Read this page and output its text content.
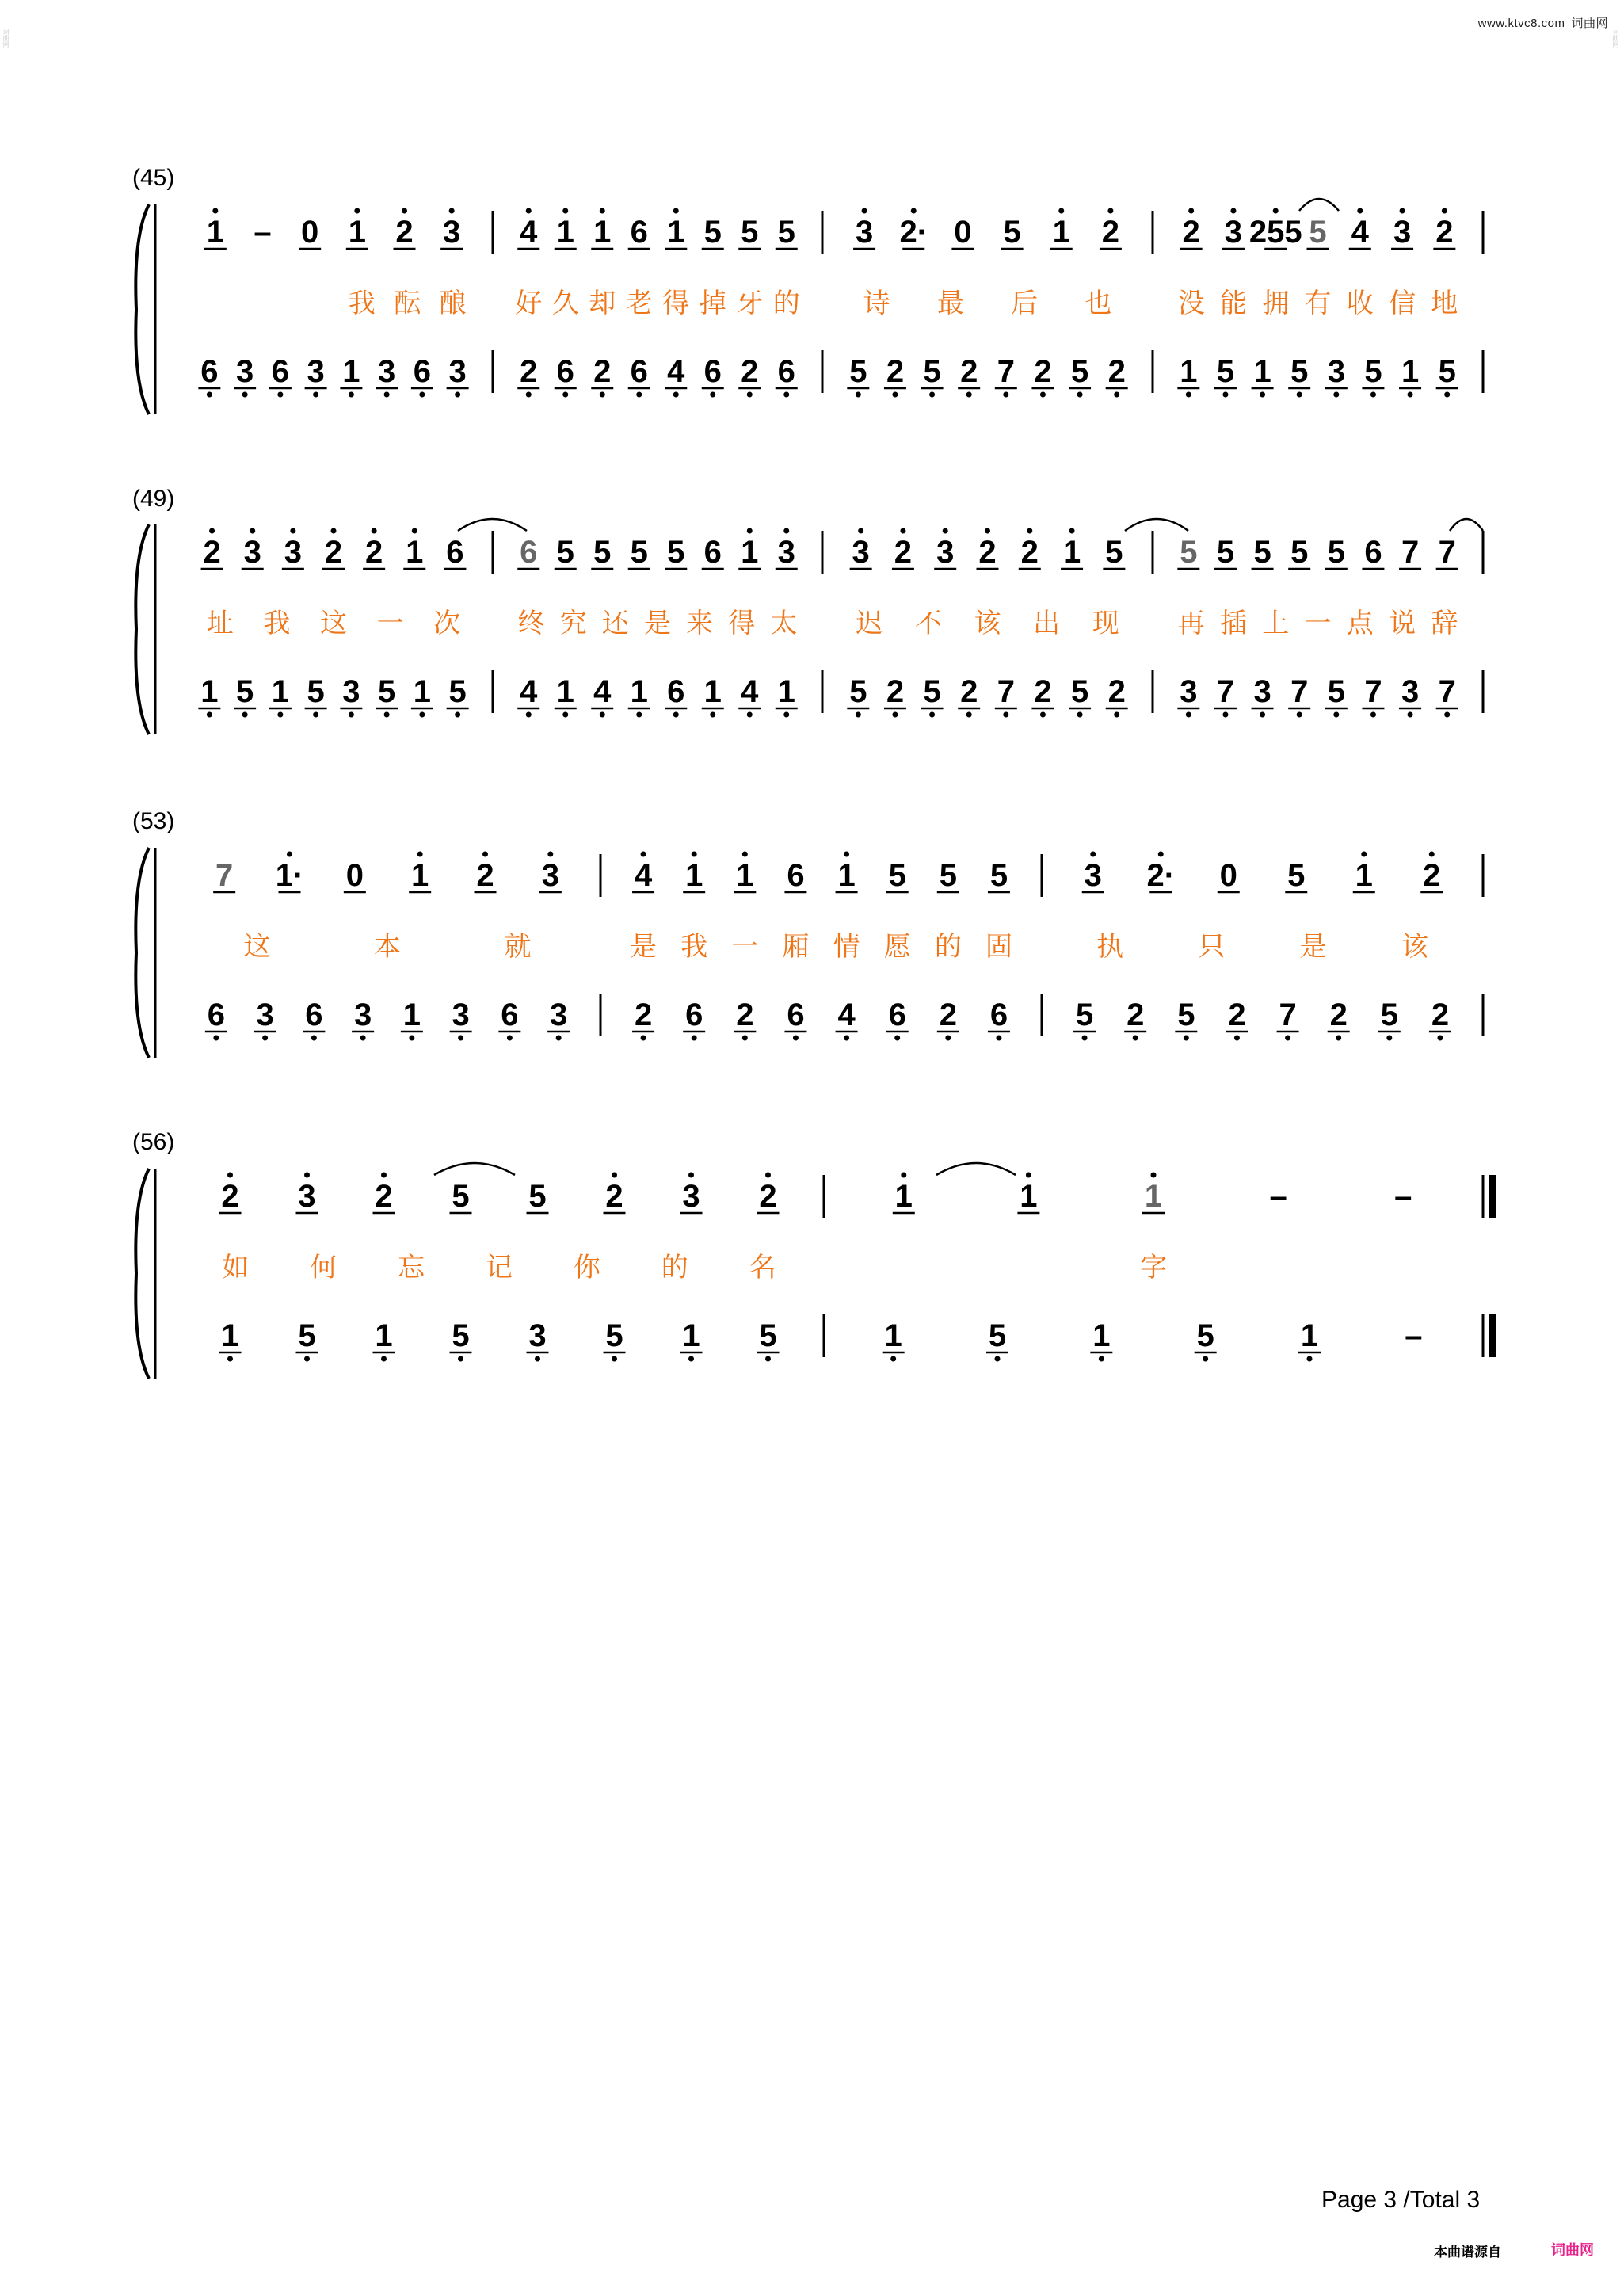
www.ktvc8.com 词曲网
词曲网	词曲网
(45)
(49)
(53)
(56)
1 – 0 1 2 3 4 1 1 6 1 5 5 5 3 2· 0 5 1 2 2 3 255 5 4 3 2
6 3 6 3 1 3 6 3 2 6 2 6 4 6 2 6 5 2 5 2 7 2 5 2 1 5 1 5 3 5 1 5
我 酝 酿 好 久 却 老 得 掉 牙 的 诗 最 后 也 没 能 拥 有 收 信 地
2 3 3 2 2 1 6 6 5 5 5 5 6 1 3 3 2 3 2 2 1 5 5 5 5 5 5 6 7 7
1 5 1 5 3 5 1 5 4 1 4 1 6 1 4 1 5 2 5 2 7 2 5 2 3 7 3 7 5 7 3 7
址 我 这 一 次 终 究 还 是 来 得 太 迟 不 该 出 现 再 插 上 一 点 说 辞
7 1· 0 1 2 3 4 1 1 6 1 5 5 5 3 2· 0 5 1 2
6 3 6 3 1 3 6 3 2 6 2 6 4 6 2 6 5 2 5 2 7 2 5 2
这	本	就	是 我 一 厢 情 愿 的 固	执	只	是	该
2 3 2 5 5 2 3 2	1	1	1	–	–
1 5 1 5 3 5 1 5	1	5	1	5	1	–
如 何 忘 记 你 的 名	字
Page 3 /Total 3
本曲谱源自	词曲网
